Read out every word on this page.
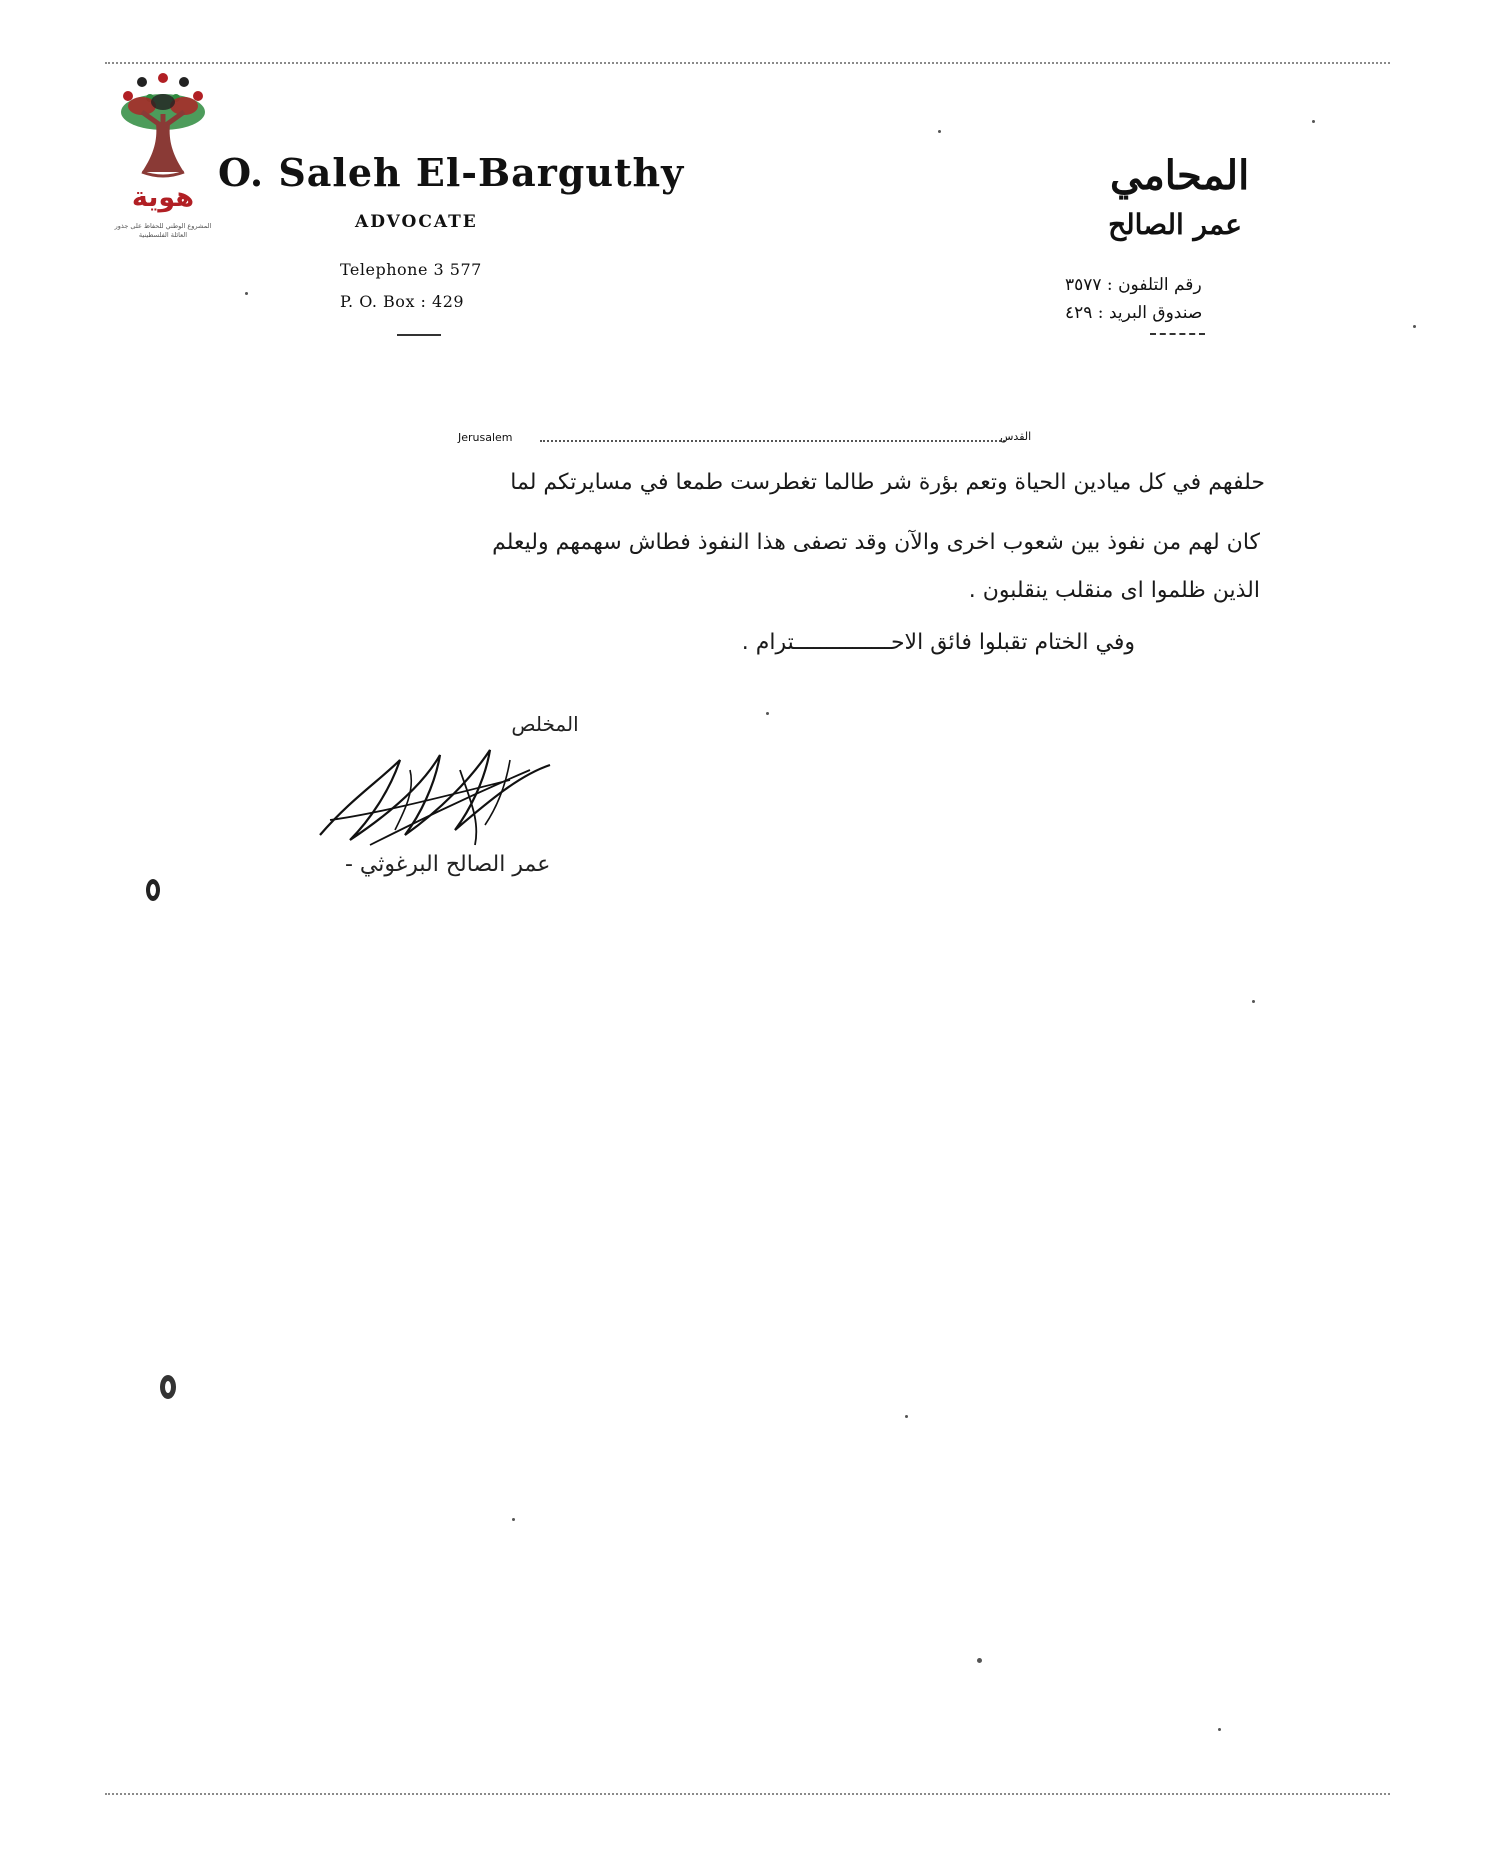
هوية
المشروع الوطني للحفاظ على جذور العائلة الفلسطينية
O. Saleh El-Barguthy
ADVOCATE
Telephone 3 577
P. O. Box : 429
المحامي
عمر الصالح
رقم التلفون : ٣٥٧٧
صندوق البريد : ٤٢٩
Jerusalem	القدس
حلفهم في كل ميادين الحياة وتعم بؤرة شر طالما تغطرست طمعا في مسايرتكم لما
كان لهم من نفوذ بين شعوب اخرى والآن وقد تصفى هذا النفوذ فطاش سهمهم وليعلم
الذين ظلموا اى منقلب ينقلبون .
وفي الختام تقبلوا فائق الاحـــــــــــــــترام .
المخلص
عمر الصالح البرغوثي -
